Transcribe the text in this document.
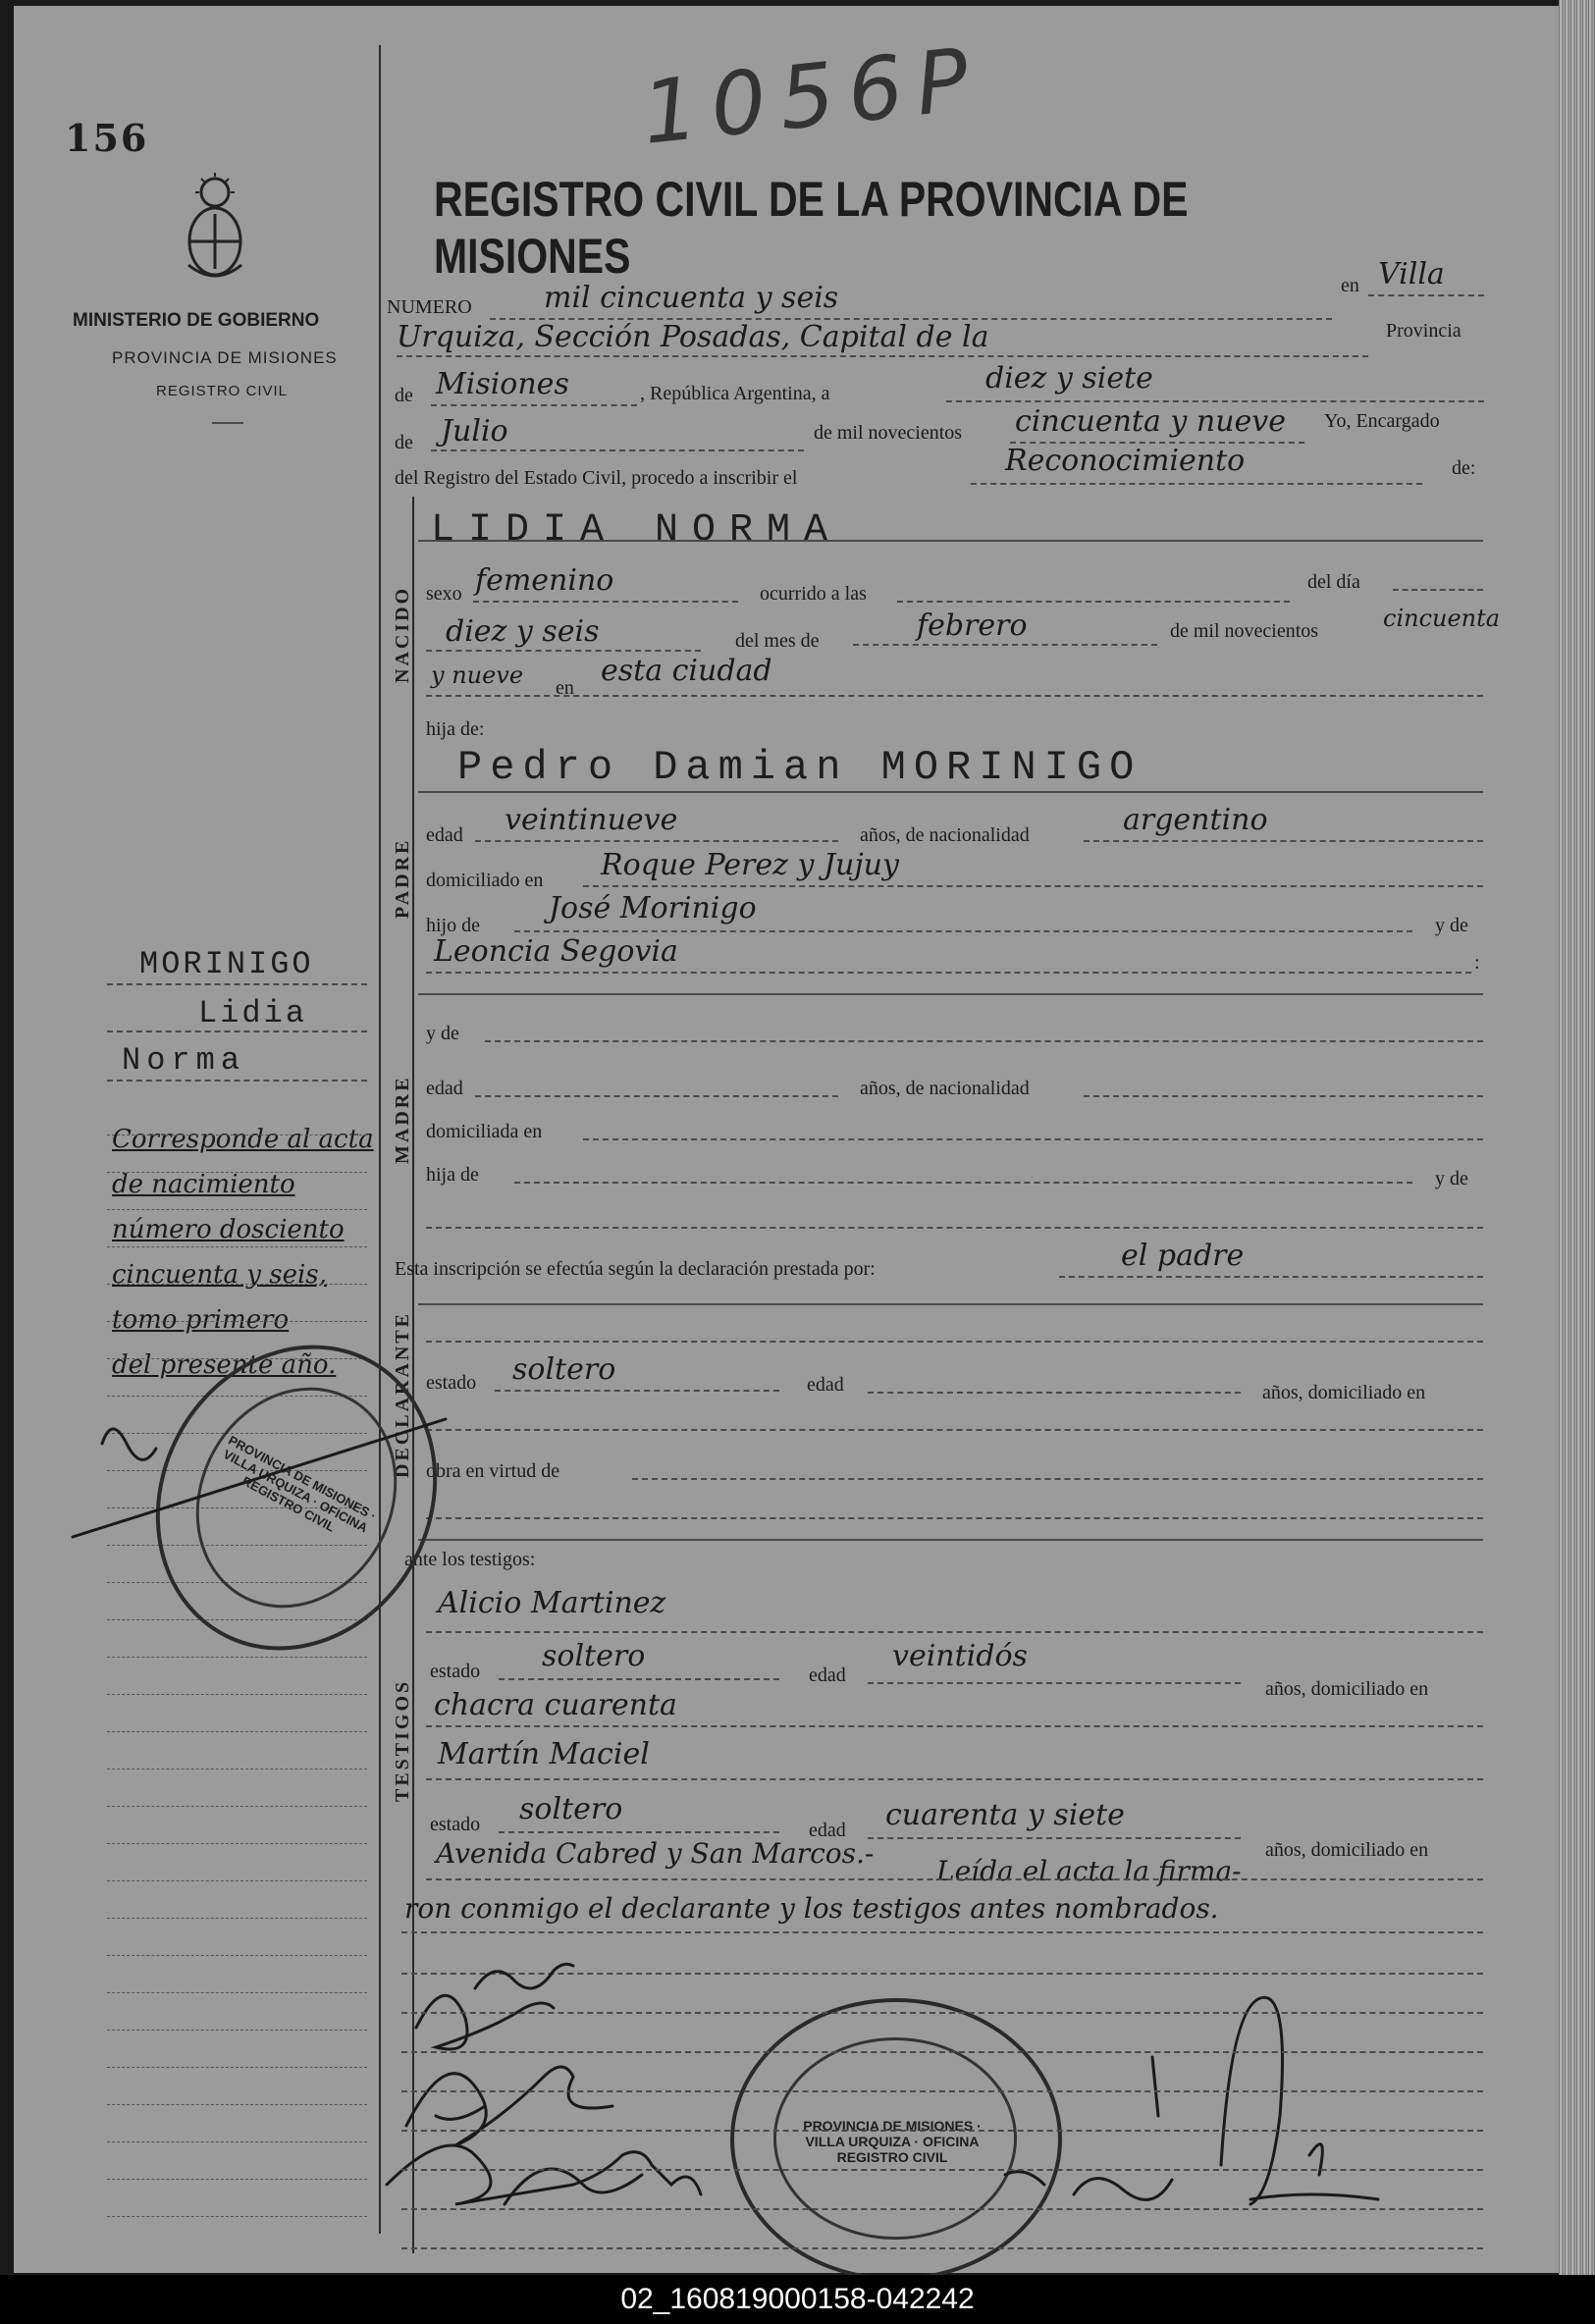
156
MINISTERIO DE GOBIERNO
PROVINCIA DE MISIONES
REGISTRO CIVIL
1056P
REGISTRO CIVIL DE LA PROVINCIA DE MISIONES
NUMERO mil cincuenta y seis	en Villa
Urquiza, Sección Posadas, Capital de la	Provincia
de Misiones	, República Argentina, a	diez y siete
de Julio	de mil novecientos cincuenta y nueve Yo, Encargado
del Registro del Estado Civil, procedo a inscribir el	Reconocimiento	de:
NACIDO
LIDIA NORMA
sexo femenino	ocurrido a las
del día
diez y seis	del mes de	febrero	de mil novecientos	cincuenta
y nueve en esta ciudad
hija de:
PADRE
Pedro Damian MORINIGO
edad veintinueve	años, de nacionalidad	argentino
domiciliado en Roque Perez y Jujuy
hijo de José Morinigo	y de
Leoncia Segovia	:
MADRE
y de
edad	años, de nacionalidad
domiciliada en
hija de	y de
Esta inscripción se efectúa según la declaración prestada por:	el padre
DECLARANTE estado soltero	edad	años, domiciliado en
obra en virtud de
TESTIGOS
ante los testigos:
Alicio Martinez
estado soltero
edad
veintidós
años, domiciliado en
chacra cuarenta
Martín Maciel
estado soltero
edad cuarenta y siete
años, domiciliado en
Avenida Cabred y San Marcos.-
Leída el acta la firma-
ron conmigo el declarante y los testigos antes nombrados.
MORINIGO
Lidia
Norma
Corresponde al acta
de nacimiento
número dosciento
cincuenta y seis,
tomo primero
del presente año.
PROVINCIA DE MISIONES · VILLA URQUIZA · OFICINA REGISTRO CIVIL
PROVINCIA DE MISIONES · VILLA URQUIZA · OFICINA REGISTRO CIVIL
02_160819000158-042242
